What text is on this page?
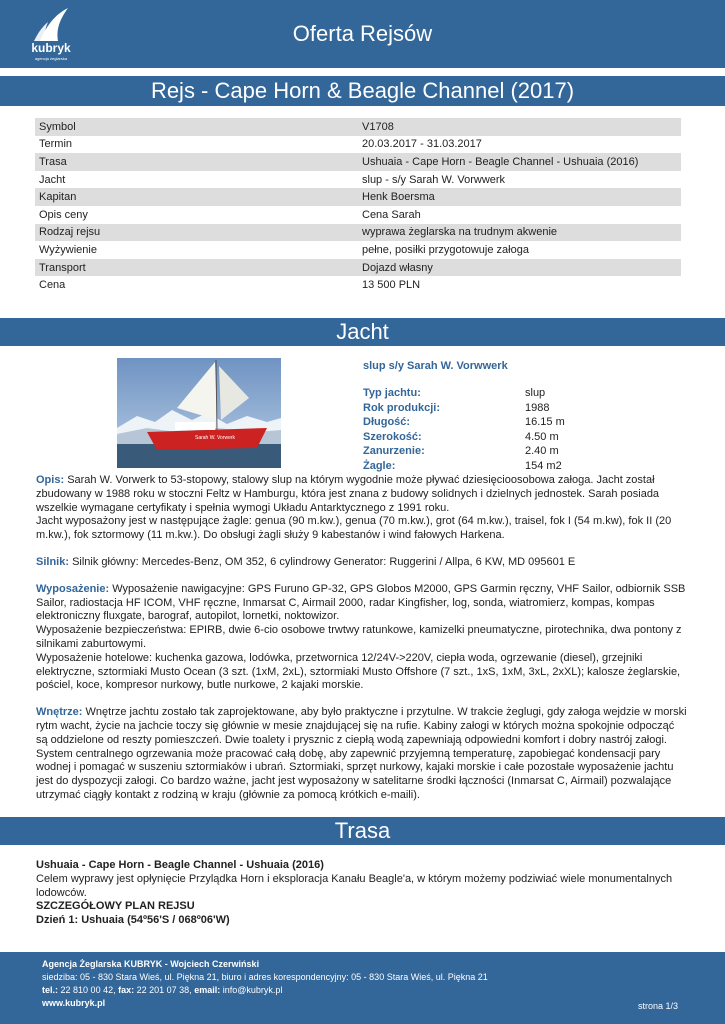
kubryk
agencja żeglarska
Oferta Rejsów
Rejs - Cape Horn & Beagle Channel (2017)
Symbol	V1708
Termin	20.03.2017 - 31.03.2017
Trasa	Ushuaia - Cape Horn - Beagle Channel - Ushuaia (2016)
Jacht	slup - s/y Sarah W. Vorwwerk
Kapitan	Henk Boersma
Opis ceny	Cena Sarah
Rodzaj rejsu	wyprawa żeglarska na trudnym akwenie
Wyżywienie	pełne, posiłki przygotowuje załoga
Transport	Dojazd własny
Cena	13 500 PLN
Jacht
Sarah W. Vorwerk
slup s/y Sarah W. Vorwwerk
Typ jachtu:	slup
Rok produkcji:	1988
Długość:	16.15 m
Szerokość:	4.50 m
Zanurzenie:	2.40 m
Żagle:	154 m2

Opis: Sarah W. Vorwerk to 53-stopowy, stalowy slup na którym wygodnie może pływać dziesięcioosobowa załoga. Jacht został zbudowany w 1988 roku w stoczni Feltz w Hamburgu, która jest znana z budowy solidnych i dzielnych jednostek. Sarah posiada wszelkie wymagane certyfikaty i spełnia wymogi Układu Antarktycznego z 1991 roku.

Jacht wyposażony jest w następujące żagle: genua (90 m.kw.), genua (70 m.kw.), grot (64 m.kw.), traisel, fok I (54 m.kw), fok II (20 m.kw.), fok sztormowy (11 m.kw.). Do obsługi żagli służy 9 kabestanów i wind fałowych Harkena.

Silnik: Silnik główny: Mercedes-Benz, OM 352, 6 cylindrowy Generator: Ruggerini / Allpa, 6 KW, MD 095601 E

Wyposażenie: Wyposażenie nawigacyjne: GPS Furuno GP-32, GPS Globos M2000, GPS Garmin ręczny, VHF Sailor, odbiornik SSB Sailor, radiostacja HF ICOM, VHF ręczne, Inmarsat C, Airmail 2000, radar Kingfisher, log, sonda, wiatromierz, kompas, kompas elektroniczny fluxgate, barograf, autopilot, lornetki, noktowizor.

Wyposażenie bezpieczeństwa: EPIRB, dwie 6-cio osobowe trwtwy ratunkowe, kamizelki pneumatyczne, pirotechnika, dwa pontony z silnikami zaburtowymi.

Wyposażenie hotelowe: kuchenka gazowa, lodówka, przetwornica 12/24V->220V, ciepła woda, ogrzewanie (diesel), grzejniki elektryczne, sztormiaki Musto Ocean (3 szt. (1xM, 2xL), sztormiaki Musto Offshore (7 szt., 1xS, 1xM, 3xL, 2xXL); kalosze żeglarskie, pościel, koce, kompresor nurkowy, butle nurkowe, 2 kajaki morskie.

Wnętrze: Wnętrze jachtu zostało tak zaprojektowane, aby było praktyczne i przytulne. W trakcie żeglugi, gdy załoga wejdzie w morski rytm wacht, życie na jachcie toczy się głównie w mesie znajdującej się na rufie. Kabiny załogi w których można spokojnie odpocząć są oddzielone od reszty pomieszczeń. Dwie toalety i prysznic z ciepłą wodą zapewniają odpowiedni komfort i dobry nastrój załogi.

System centralnego ogrzewania może pracować całą dobę, aby zapewnić przyjemną temperaturę, zapobiegać kondensacji pary wodnej i pomagać w suszeniu sztormiaków i ubrań. Sztormiaki, sprzęt nurkowy, kajaki morskie i całe pozostałe wyposażenie jachtu jest do dyspozycji załogi. Co bardzo ważne, jacht jest wyposażony w satelitarne środki łączności (Inmarsat C, Airmail) pozwalające utrzymać ciągły kontakt z rodziną w kraju (głównie za pomocą krótkich e-maili).

Trasa

Ushuaia - Cape Horn - Beagle Channel - Ushuaia (2016)

Celem wyprawy jest opłynięcie Przylądka Horn i eksploracja Kanału Beagle'a, w którym możemy podziwiać wiele monumentalnych lodowców.

SZCZEGÓŁOWY PLAN REJSU

Dzień 1: Ushuaia (54º56'S / 068º06'W)

Agencja Żeglarska KUBRYK - Wojciech Czerwiński
siedziba: 05 - 830 Stara Wieś, ul. Piękna 21, biuro i adres korespondencyjny: 05 - 830 Stara Wieś, ul. Piękna 21
tel.: 22 810 00 42, fax: 22 201 07 38, email: info@kubryk.pl
www.kubryk.pl	strona 1/3
